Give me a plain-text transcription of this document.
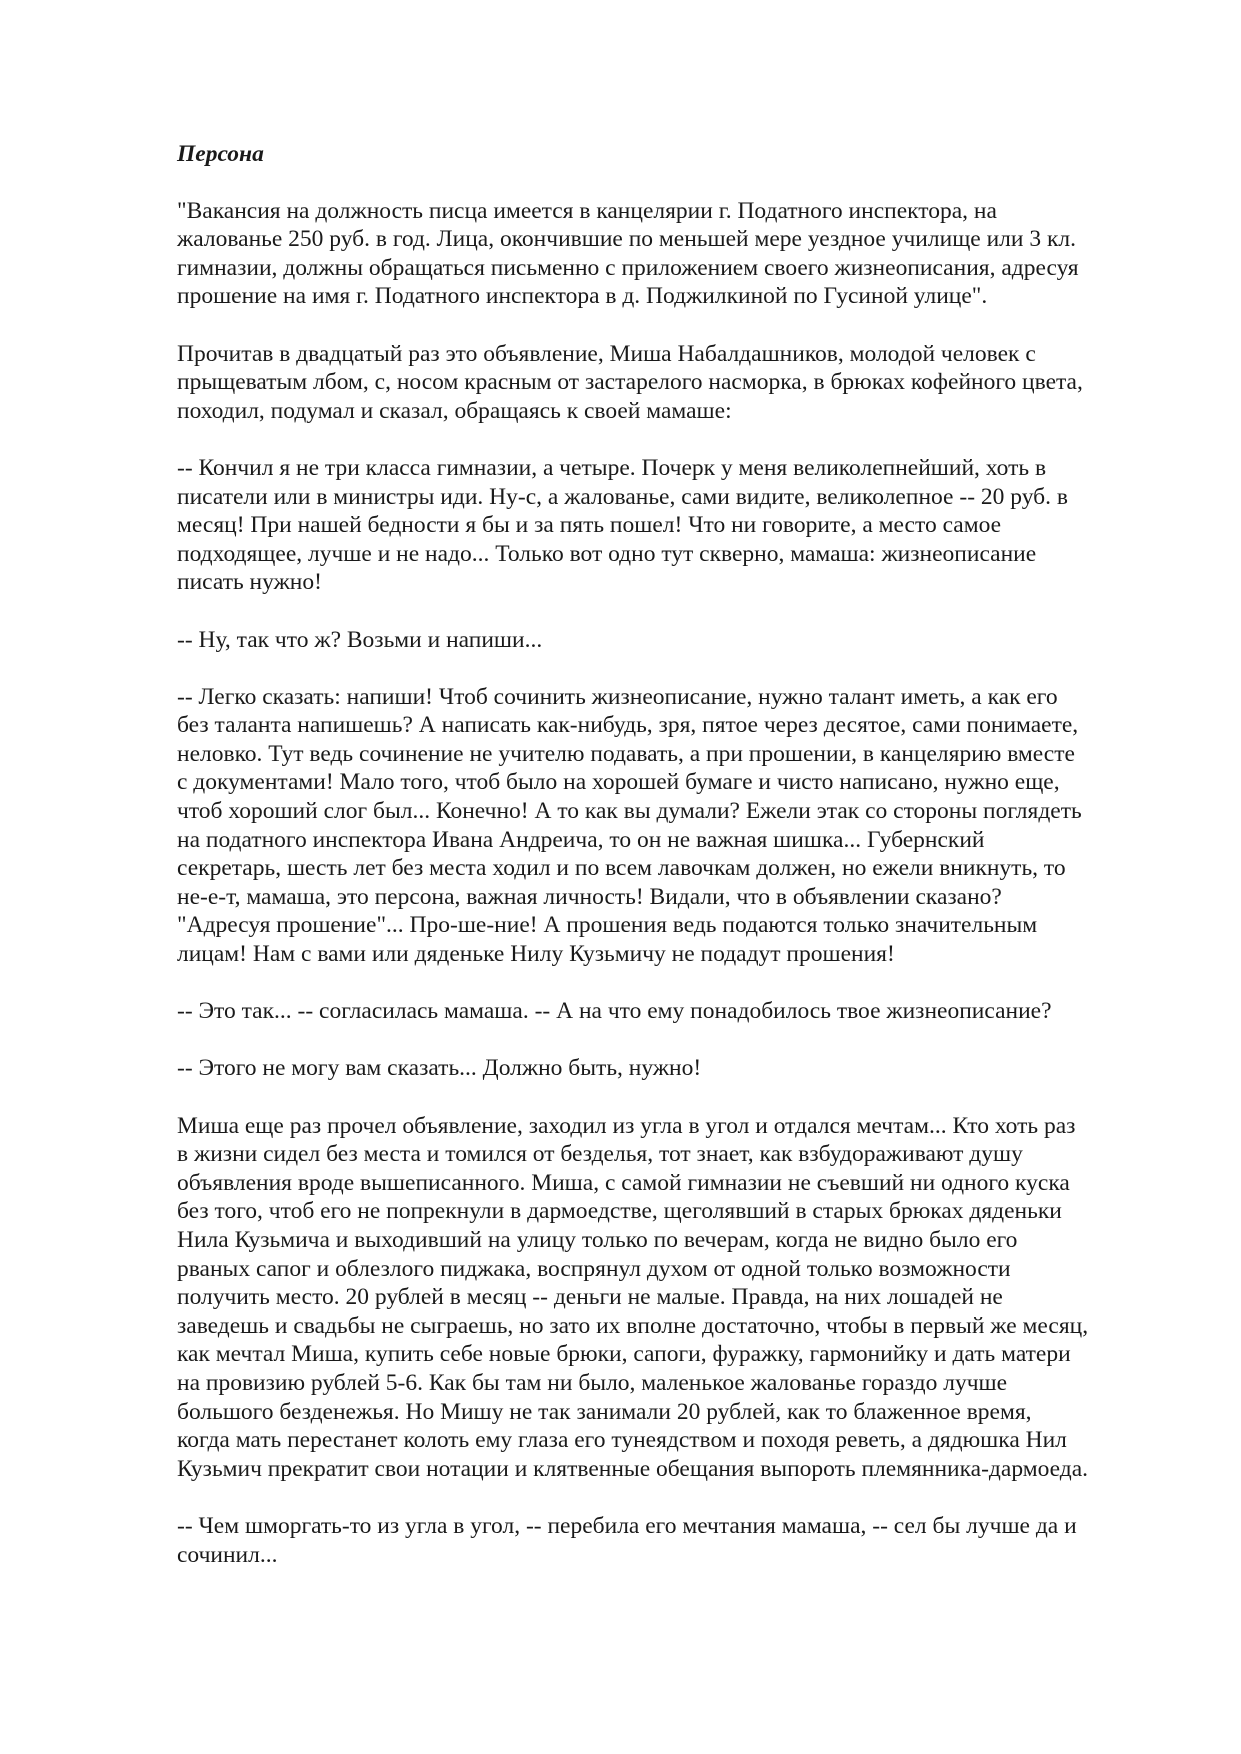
Персона
"Вакансия на должность писца имеется в канцелярии г. Податного инспектора, на
жалованье 250 руб. в год. Лица, окончившие по меньшей мере уездное училище или 3 кл.
гимназии, должны обращаться письменно с приложением своего жизнеописания, адресуя
прошение на имя г. Податного инспектора в д. Поджилкиной по Гусиной улице".
Прочитав в двадцатый раз это объявление, Миша Набалдашников, молодой человек с
прыщеватым лбом, с, носом красным от застарелого насморка, в брюках кофейного цвета,
походил, подумал и сказал, обращаясь к своей мамаше:
-- Кончил я не три класса гимназии, а четыре. Почерк у меня великолепнейший, хоть в
писатели или в министры иди. Ну-с, а жалованье, сами видите, великолепное -- 20 руб. в
месяц! При нашей бедности я бы и за пять пошел! Что ни говорите, а место самое
подходящее, лучше и не надо... Только вот одно тут скверно, мамаша: жизнеописание
писать нужно!
-- Ну, так что ж? Возьми и напиши...
-- Легко сказать: напиши! Чтоб сочинить жизнеописание, нужно талант иметь, а как его
без таланта напишешь? А написать как-нибудь, зря, пятое через десятое, сами понимаете,
неловко. Тут ведь сочинение не учителю подавать, а при прошении, в канцелярию вместе
с документами! Мало того, чтоб было на хорошей бумаге и чисто написано, нужно еще,
чтоб хороший слог был... Конечно! А то как вы думали? Ежели этак со стороны поглядеть
на податного инспектора Ивана Андреича, то он не важная шишка... Губернский
секретарь, шесть лет без места ходил и по всем лавочкам должен, но ежели вникнуть, то
не-е-т, мамаша, это персона, важная личность! Видали, что в объявлении сказано?
"Адресуя прошение"... Про-ше-ние! А прошения ведь подаются только значительным
лицам! Нам с вами или дяденьке Нилу Кузьмичу не подадут прошения!
-- Это так... -- согласилась мамаша. -- А на что ему понадобилось твое жизнеописание?
-- Этого не могу вам сказать... Должно быть, нужно!
Миша еще раз прочел объявление, заходил из угла в угол и отдался мечтам... Кто хоть раз
в жизни сидел без места и томился от безделья, тот знает, как взбудораживают душу
объявления вроде вышеписанного. Миша, с самой гимназии не съевший ни одного куска
без того, чтоб его не попрекнули в дармоедстве, щеголявший в старых брюках дяденьки
Нила Кузьмича и выходивший на улицу только по вечерам, когда не видно было его
рваных сапог и облезлого пиджака, воспрянул духом от одной только возможности
получить место. 20 рублей в месяц -- деньги не малые. Правда, на них лошадей не
заведешь и свадьбы не сыграешь, но зато их вполне достаточно, чтобы в первый же месяц,
как мечтал Миша, купить себе новые брюки, сапоги, фуражку, гармонийку и дать матери
на провизию рублей 5-6. Как бы там ни было, маленькое жалованье гораздо лучше
большого безденежья. Но Мишу не так занимали 20 рублей, как то блаженное время,
когда мать перестанет колоть ему глаза его тунеядством и походя реветь, а дядюшка Нил
Кузьмич прекратит свои нотации и клятвенные обещания выпороть племянника-дармоеда.
-- Чем шморгать-то из угла в угол, -- перебила его мечтания мамаша, -- сел бы лучше да и
сочинил...
